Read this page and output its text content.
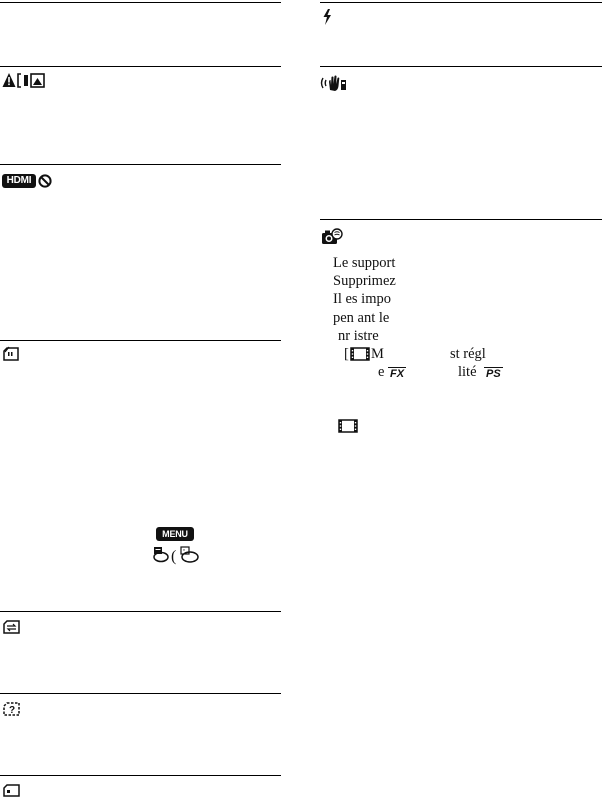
HDMI
MENU
( *
?
Le support
Supprimez
Il es impo
pen ant le
nr istre
[ M	st régl
e FX	lité PS
